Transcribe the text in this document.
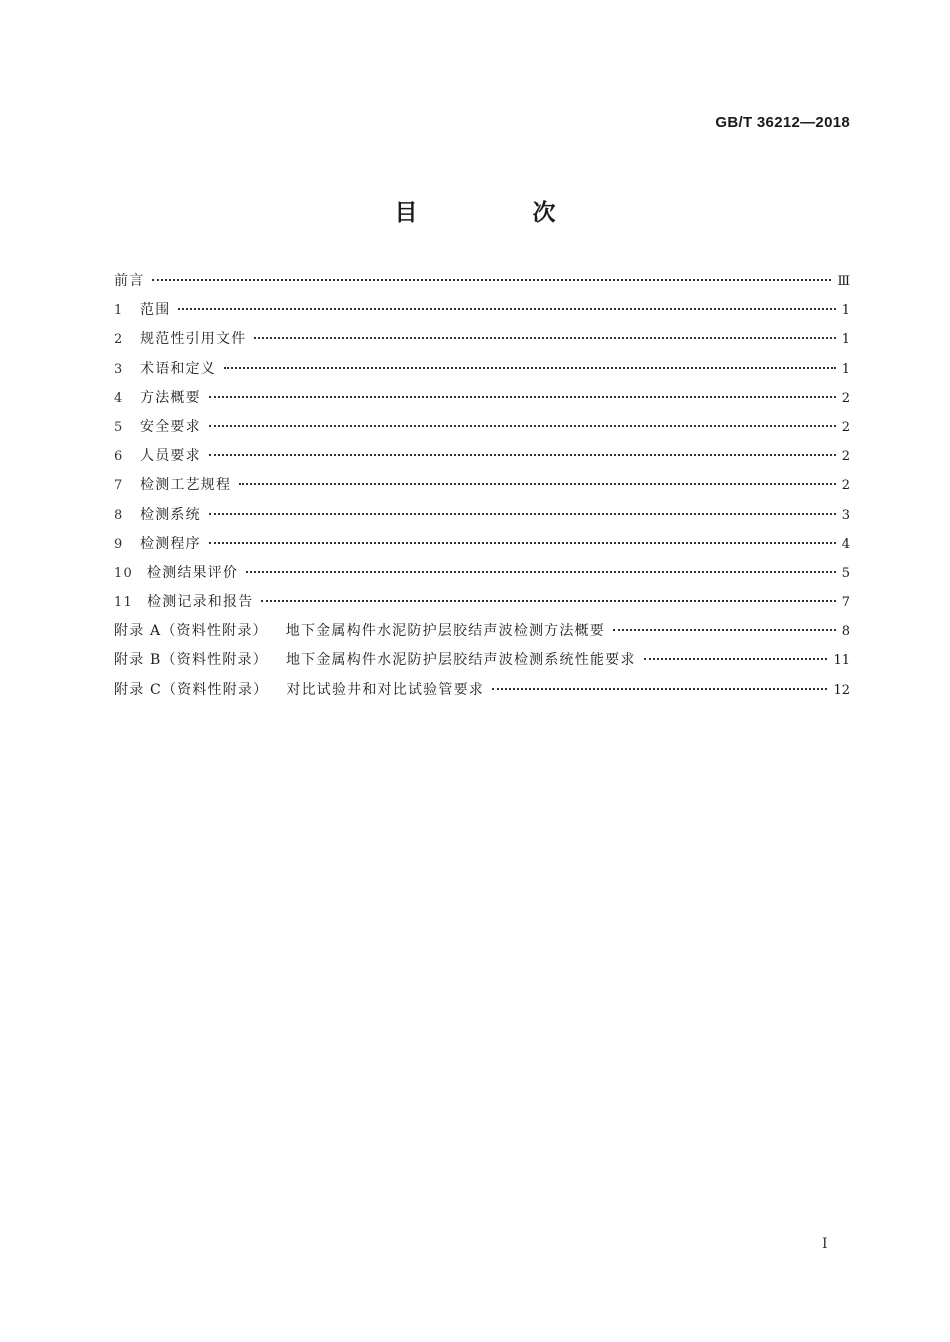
GB/T 36212—2018
目　次
前言	Ⅲ
1	范围	1
2	规范性引用文件	1
3	术语和定义	1
4	方法概要	2
5	安全要求	2
6	人员要求	2
7	检测工艺规程	2
8	检测系统	3
9	检测程序	4
10	检测结果评价	5
11	检测记录和报告	7
附录 A（资料性附录） 地下金属构件水泥防护层胶结声波检测方法概要	8
附录 B（资料性附录） 地下金属构件水泥防护层胶结声波检测系统性能要求	11
附录 C（资料性附录） 对比试验井和对比试验管要求	12
I
